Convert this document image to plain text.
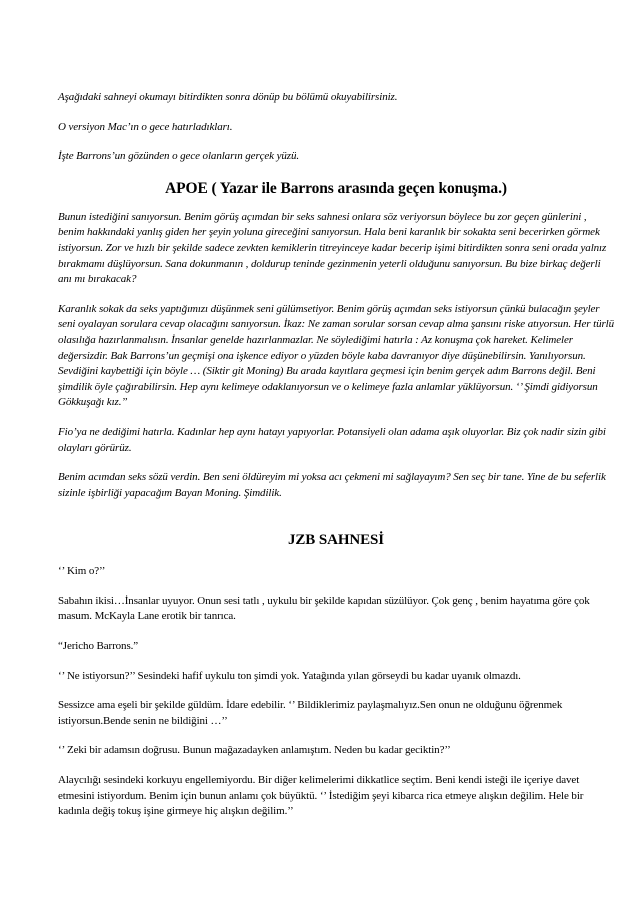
Aşağıdaki sahneyi okumayı bitirdikten sonra dönüp bu bölümü okuyabilirsiniz.

O versiyon Mac’ın o gece hatırladıkları.

İşte Barrons’un gözünden o gece olanların gerçek yüzü.

APOE ( Yazar ile Barrons arasında geçen konuşma.)

Bunun istediğini sanıyorsun. Benim görüş açımdan bir seks sahnesi onlara söz veriyorsun böylece bu zor geçen günlerini , benim hakkındaki yanlış giden her şeyin yoluna gireceğini sanıyorsun. Hala beni karanlık bir sokakta seni becerirken görmek istiyorsun. Zor ve hızlı bir şekilde sadece zevkten kemiklerin titreyinceye kadar becerip işimi bitirdikten sonra seni orada yalnız bırakmamı düşlüyorsun. Sana dokunmanın , doldurup teninde gezinmenin yeterli olduğunu sanıyorsun. Bu bize birkaç değerli anı mı bırakacak?

Karanlık sokak da seks yaptığımızı düşünmek seni gülümsetiyor. Benim görüş açımdan seks istiyorsun çünkü bulacağın şeyler seni oyalayan sorulara cevap olacağını sanıyorsun. İkaz: Ne zaman sorular sorsan cevap alma şansını riske atıyorsun. Her türlü olasılığa hazırlanmalısın. İnsanlar genelde hazırlanmazlar. Ne söylediğimi hatırla : Az konuşma çok hareket. Kelimeler değersizdir. Bak Barrons’un geçmişi ona işkence ediyor o yüzden böyle kaba davranıyor diye düşünebilirsin. Yanılıyorsun. Sevdiğini kaybettiği için böyle … (Siktir git Moning) Bu arada kayıtlara geçmesi için benim gerçek adım Barrons değil. Beni şimdilik öyle çağırabilirsin. Hep aynı kelimeye odaklanıyorsun ve o kelimeye fazla anlamlar yüklüyorsun. ‘’ Şimdi gidiyorsun Gökkuşağı kız.’’

Fio’ya ne dediğimi hatırla. Kadınlar hep aynı hatayı yapıyorlar. Potansiyeli olan adama aşık oluyorlar. Biz çok nadir sizin gibi olayları görürüz.

Benim acımdan seks sözü verdin. Ben seni öldüreyim mi yoksa acı çekmeni mi sağlayayım? Sen seç bir tane. Yine de bu seferlik sizinle işbirliği yapacağım Bayan Moning. Şimdilik.

JZB SAHNESİ

‘’ Kim o?’’

Sabahın ikisi…İnsanlar uyuyor. Onun sesi tatlı , uykulu bir şekilde kapıdan süzülüyor. Çok genç , benim hayatıma göre çok masum. McKayla Lane erotik bir tanrıca.

“Jericho Barrons.”

‘’ Ne istiyorsun?’’ Sesindeki hafif uykulu ton şimdi yok. Yatağında yılan görseydi bu kadar uyanık olmazdı.

Sessizce ama eşeli bir şekilde güldüm. İdare edebilir. ‘’ Bildiklerimiz paylaşmalıyız.Sen onun ne olduğunu öğrenmek istiyorsun.Bende senin ne bildiğini …’’

‘’ Zeki bir adamsın doğrusu. Bunun mağazadayken anlamıştım. Neden bu kadar geciktin?’’

Alaycılığı sesindeki korkuyu engellemiyordu. Bir diğer kelimelerimi dikkatlice seçtim. Beni kendi isteği ile içeriye davet etmesini istiyordum. Benim için bunun anlamı çok büyüktü. ‘’ İstediğim şeyi kibarca rica etmeye alışkın değilim. Hele bir kadınla değiş tokuş işine girmeye hiç alışkın değilim.’’
